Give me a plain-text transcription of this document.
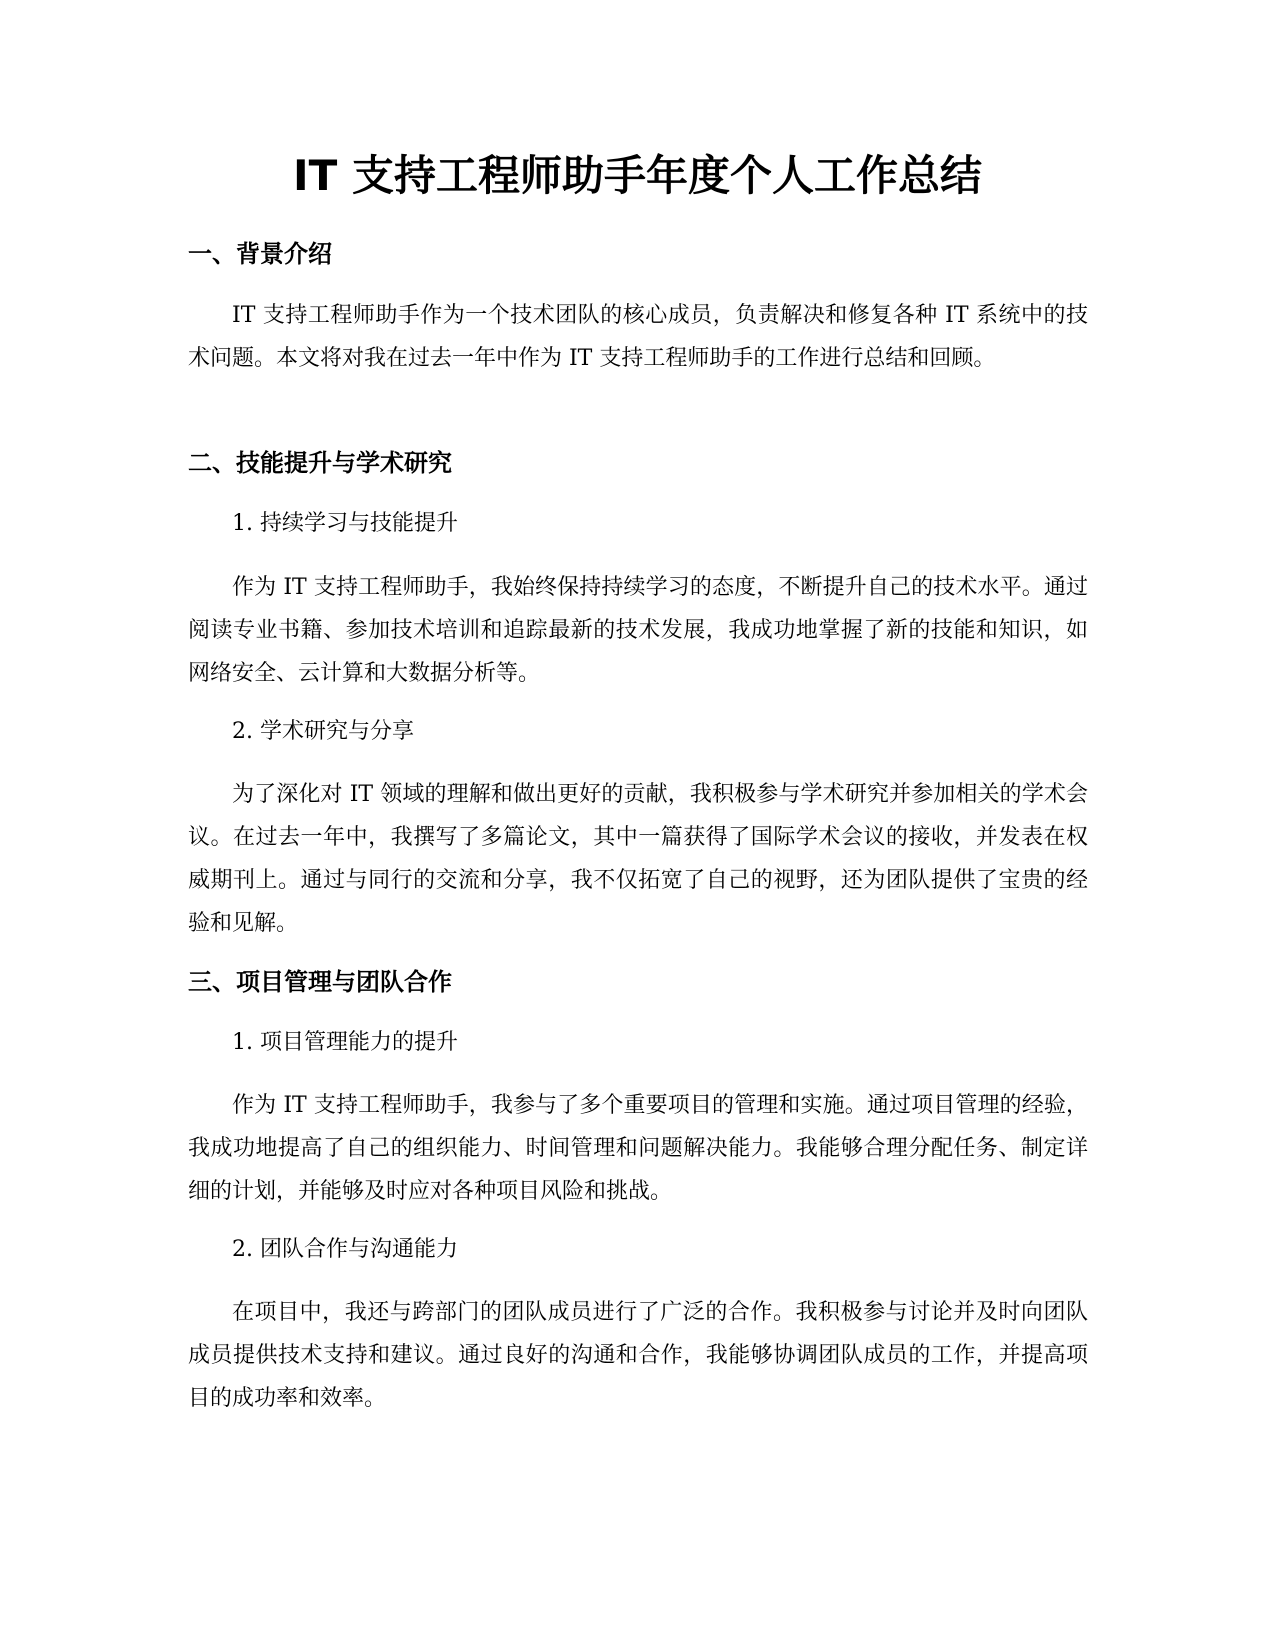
IT 支持工程师助手年度个人工作总结
一、背景介绍

IT 支持工程师助手作为一个技术团队的核心成员，负责解决和修复各种 IT 系统中的技术问题。本文将对我在过去一年中作为 IT 支持工程师助手的工作进行总结和回顾。

二、技能提升与学术研究

1. 持续学习与技能提升

作为 IT 支持工程师助手，我始终保持持续学习的态度，不断提升自己的技术水平。通过阅读专业书籍、参加技术培训和追踪最新的技术发展，我成功地掌握了新的技能和知识，如网络安全、云计算和大数据分析等。

2. 学术研究与分享

为了深化对 IT 领域的理解和做出更好的贡献，我积极参与学术研究并参加相关的学术会议。在过去一年中，我撰写了多篇论文，其中一篇获得了国际学术会议的接收，并发表在权威期刊上。通过与同行的交流和分享，我不仅拓宽了自己的视野，还为团队提供了宝贵的经验和见解。

三、项目管理与团队合作

1. 项目管理能力的提升

作为 IT 支持工程师助手，我参与了多个重要项目的管理和实施。通过项目管理的经验，我成功地提高了自己的组织能力、时间管理和问题解决能力。我能够合理分配任务、制定详细的计划，并能够及时应对各种项目风险和挑战。

2. 团队合作与沟通能力

在项目中，我还与跨部门的团队成员进行了广泛的合作。我积极参与讨论并及时向团队成员提供技术支持和建议。通过良好的沟通和合作，我能够协调团队成员的工作，并提高项目的成功率和效率。
